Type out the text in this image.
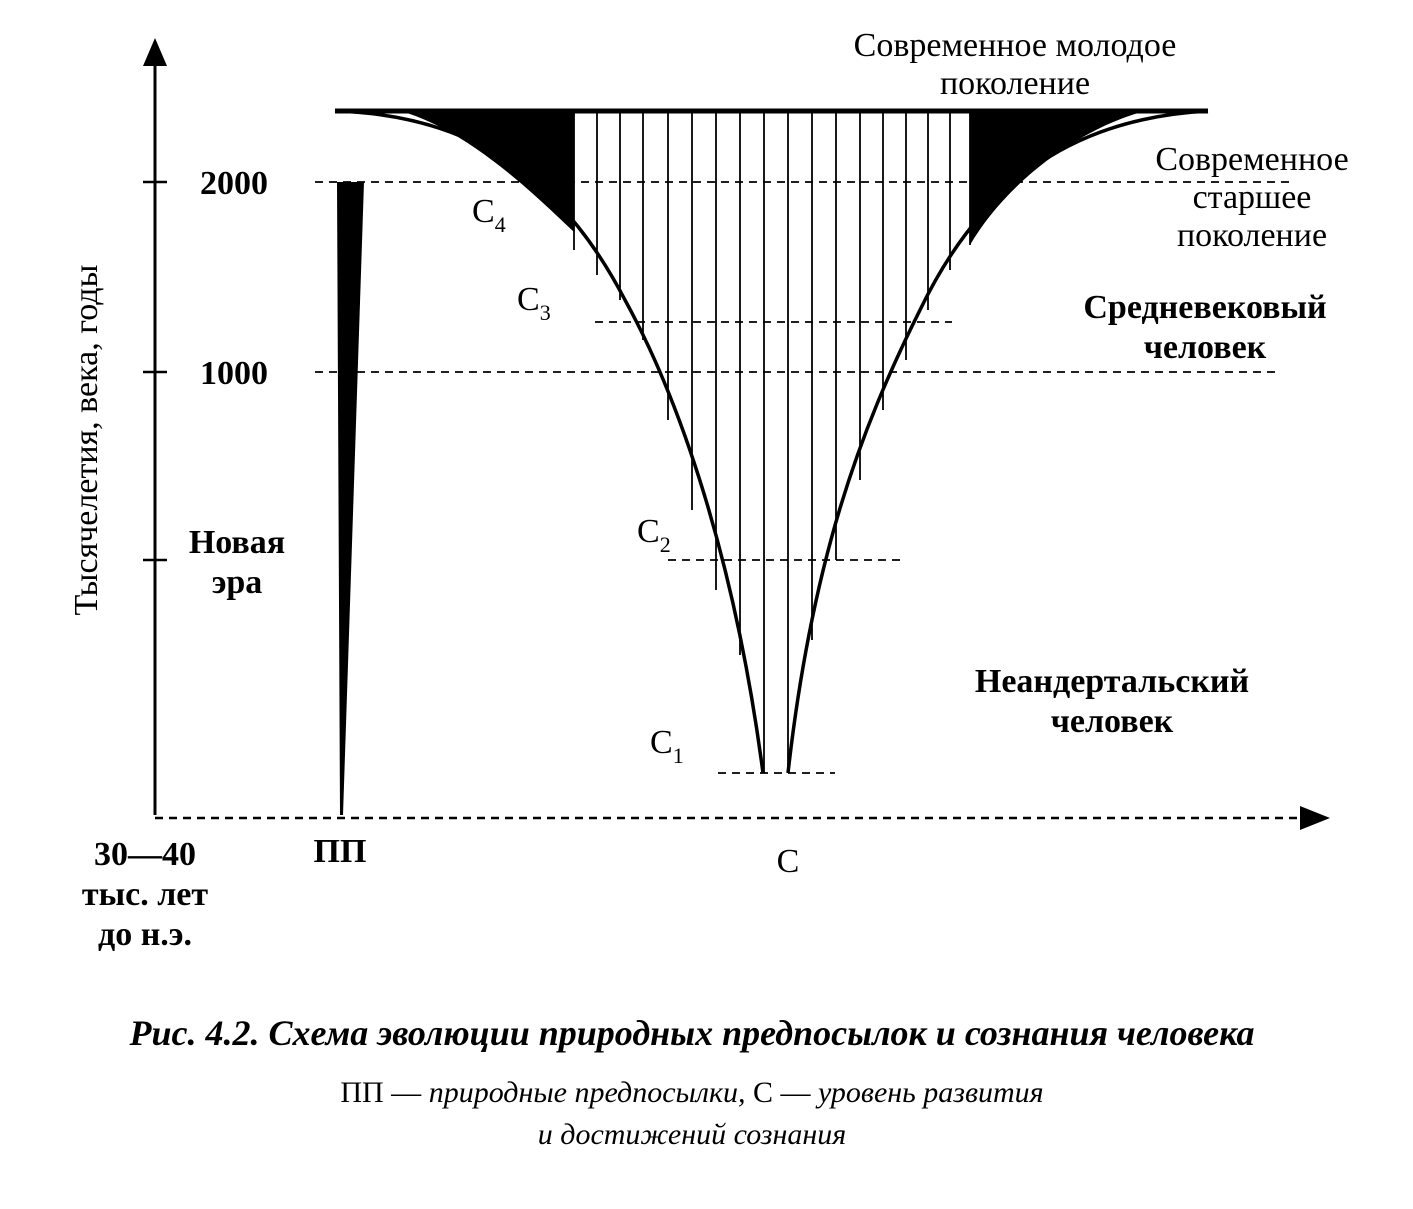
Тысячелетия, века, годы
2000
1000
Новая эра
30—40 тыс. лет до н.э.
ПП	С
$С_1$
$С_2$
$С_3$
$С_4$
Современное молодое поколение
Современное старшее поколение
Средневековый человек
Неандертальский человек
Рис. 4.2. Схема эволюции природных предпосылок и сознания человека
ПП — природные предпосылки, С — уровень развития
и достижений сознания
